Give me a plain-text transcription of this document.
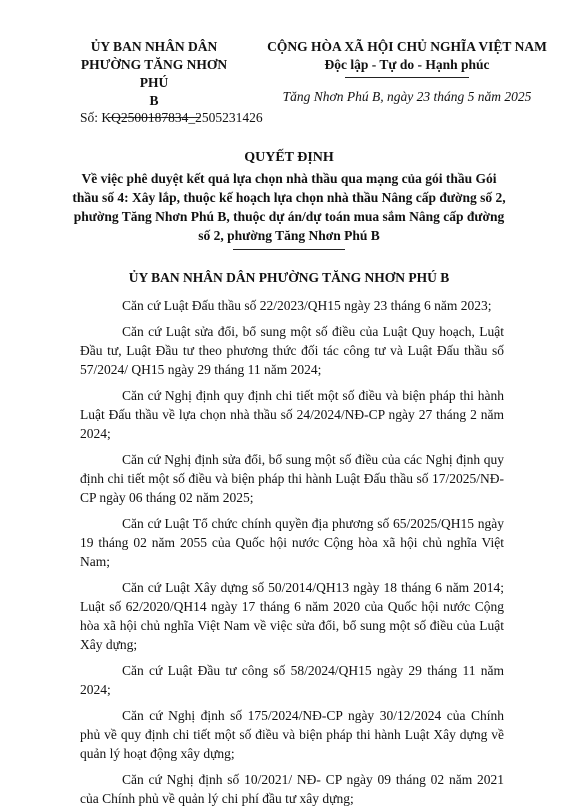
ỦY BAN NHÂN DÂN
PHƯỜNG TĂNG NHƠN PHÚ
B
CỘNG HÒA XÃ HỘI CHỦ NGHĨA VIỆT NAM
Độc lập - Tự do - Hạnh phúc
Tăng Nhơn Phú B, ngày 23 tháng 5 năm 2025
Số: KQ2500187834_2505231426
QUYẾT ĐỊNH
Về việc phê duyệt kết quả lựa chọn nhà thầu qua mạng của gói thầu Gói thầu số 4: Xây lắp, thuộc kế hoạch lựa chọn nhà thầu Nâng cấp đường số 2, phường Tăng Nhơn Phú B, thuộc dự án/dự toán mua sắm Nâng cấp đường số 2, phường Tăng Nhơn Phú B
ỦY BAN NHÂN DÂN PHƯỜNG TĂNG NHƠN PHÚ B

Căn cứ Luật Đấu thầu số 22/2023/QH15 ngày 23 tháng 6 năm 2023;

Căn cứ Luật sửa đổi, bổ sung một số điều của Luật Quy hoạch, Luật Đầu tư, Luật Đầu tư theo phương thức đối tác công tư và Luật Đấu thầu số 57/2024/ QH15 ngày 29 tháng 11 năm 2024;

Căn cứ Nghị định quy định chi tiết một số điều và biện pháp thi hành Luật Đấu thầu về lựa chọn nhà thầu số 24/2024/NĐ-CP ngày 27 tháng 2 năm 2024;

Căn cứ Nghị định sửa đổi, bổ sung một số điều của các Nghị định quy định chi tiết một số điều và biện pháp thi hành Luật Đấu thầu số 17/2025/NĐ-CP ngày 06 tháng 02 năm 2025;

Căn cứ Luật Tổ chức chính quyền địa phương số 65/2025/QH15 ngày 19 tháng 02 năm 2055 của Quốc hội nước Cộng hòa xã hội chủ nghĩa Việt Nam;

Căn cứ Luật Xây dựng số 50/2014/QH13 ngày 18 tháng 6 năm 2014; Luật số 62/2020/QH14 ngày 17 tháng 6 năm 2020 của Quốc hội nước Cộng hòa xã hội chủ nghĩa Việt Nam về việc sửa đổi, bổ sung một số điều của Luật Xây dựng;

Căn cứ Luật Đầu tư công số 58/2024/QH15 ngày 29 tháng 11 năm 2024;

Căn cứ Nghị định số 175/2024/NĐ-CP ngày 30/12/2024 của Chính phủ về quy định chi tiết một số điều và biện pháp thi hành Luật Xây dựng về quản lý hoạt động xây dựng;

Căn cứ Nghị định số 10/2021/ NĐ- CP ngày 09 tháng 02 năm 2021 của Chính phủ về quản lý chi phí đầu tư xây dựng;
